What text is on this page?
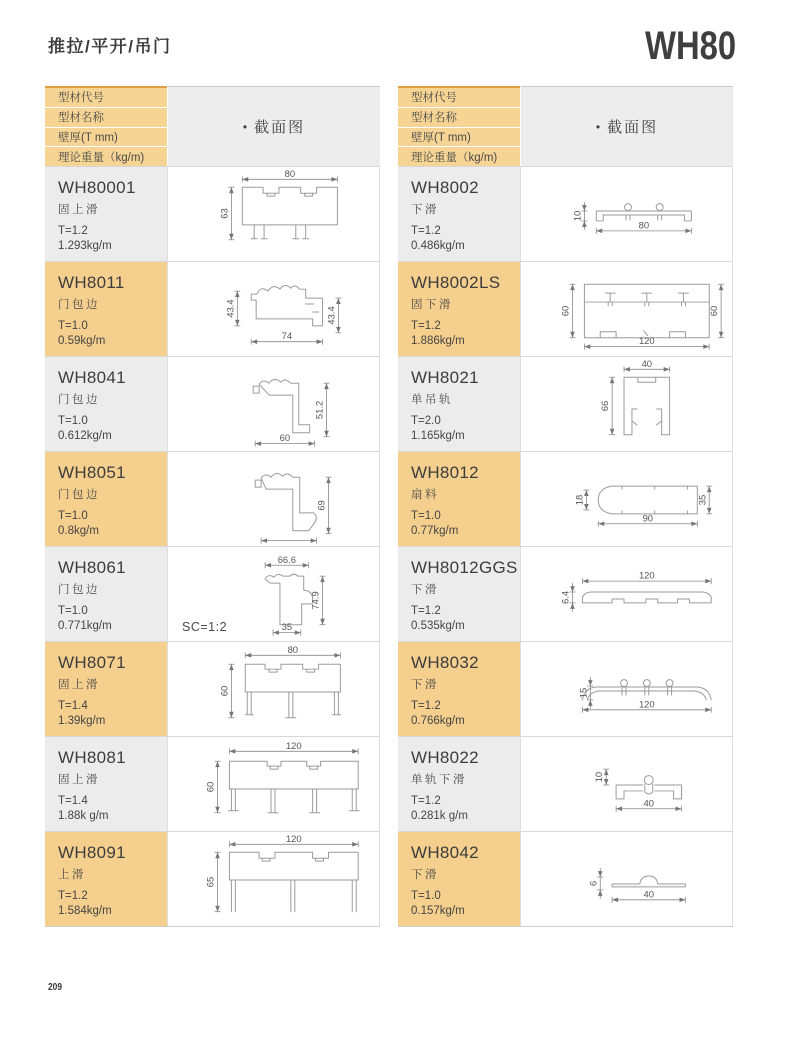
推拉/平开/吊门	WH80
型材代号
型材名称
壁厚(T mm)
理论重量（kg/m)
• 截面图
WH80001
固上滑
T=1.2
1.293kg/m
80
63
WH8011
门包边
T=1.0
0.59kg/m
43.4	43.4
74
WH8041
门包边
T=1.0
0.612kg/m
51.2
60
WH8051
门包边
T=1.0
0.8kg/m
69
WH8061
门包边
T=1.0
0.771kg/m
66.6
74.9
35
SC=1:2
WH8071
固上滑
T=1.4
1.39kg/m
80
60
WH8081
固上滑
T=1.4
1.88k g/m
120
60
WH8091
上滑
T=1.2
1.584kg/m
120
65
型材代号
型材名称
壁厚(T mm)
理论重量（kg/m)
• 截面图
WH8002
下滑
T=1.2
0.486kg/m
10
80
WH8002LS
固下滑
T=1.2
1.886kg/m
60	60
120
WH8021
单吊轨
T=2.0
1.165kg/m
40
66
WH8012
扇料
T=1.0
0.77kg/m
18	35
90
WH8012GGS
下滑
T=1.2
0.535kg/m
120
6.4
WH8032
下滑
T=1.2
0.766kg/m
15
120
WH8022
单轨下滑
T=1.2
0.281k g/m
10
40
WH8042
下滑
T=1.0
0.157kg/m
6
40
209
